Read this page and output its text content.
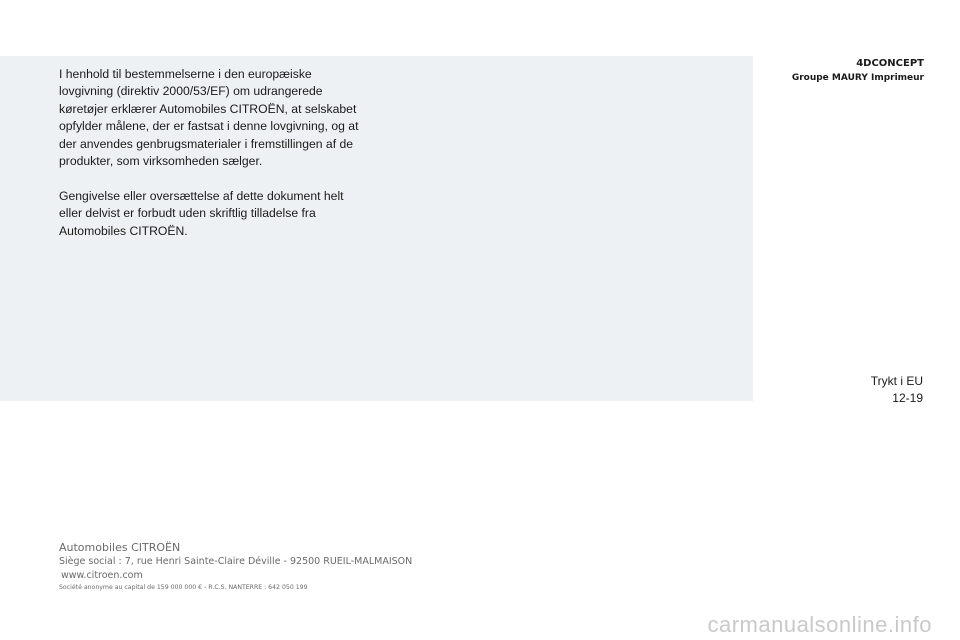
I henhold til bestemmelserne i den europæiske lovgivning (direktiv 2000/53/EF) om udrangerede køretøjer erklærer Automobiles CITROËN, at selskabet opfylder målene, der er fastsat i denne lovgivning, og at der anvendes genbrugsmaterialer i fremstillingen af de produkter, som virksomheden sælger.

Gengivelse eller oversættelse af dette dokument helt eller delvist er forbudt uden skriftlig tilladelse fra Automobiles CITROËN.

4DCONCEPT
Groupe MAURY Imprimeur
Trykt i EU
12-19
Automobiles CITROËN
Siège social : 7, rue Henri Sainte-Claire Déville - 92500 RUEIL-MALMAISON
www.citroen.com
Société anonyme au capital de 159 000 000 € - R.C.S. NANTERRE : 642 050 199
carmanualsonline.info
